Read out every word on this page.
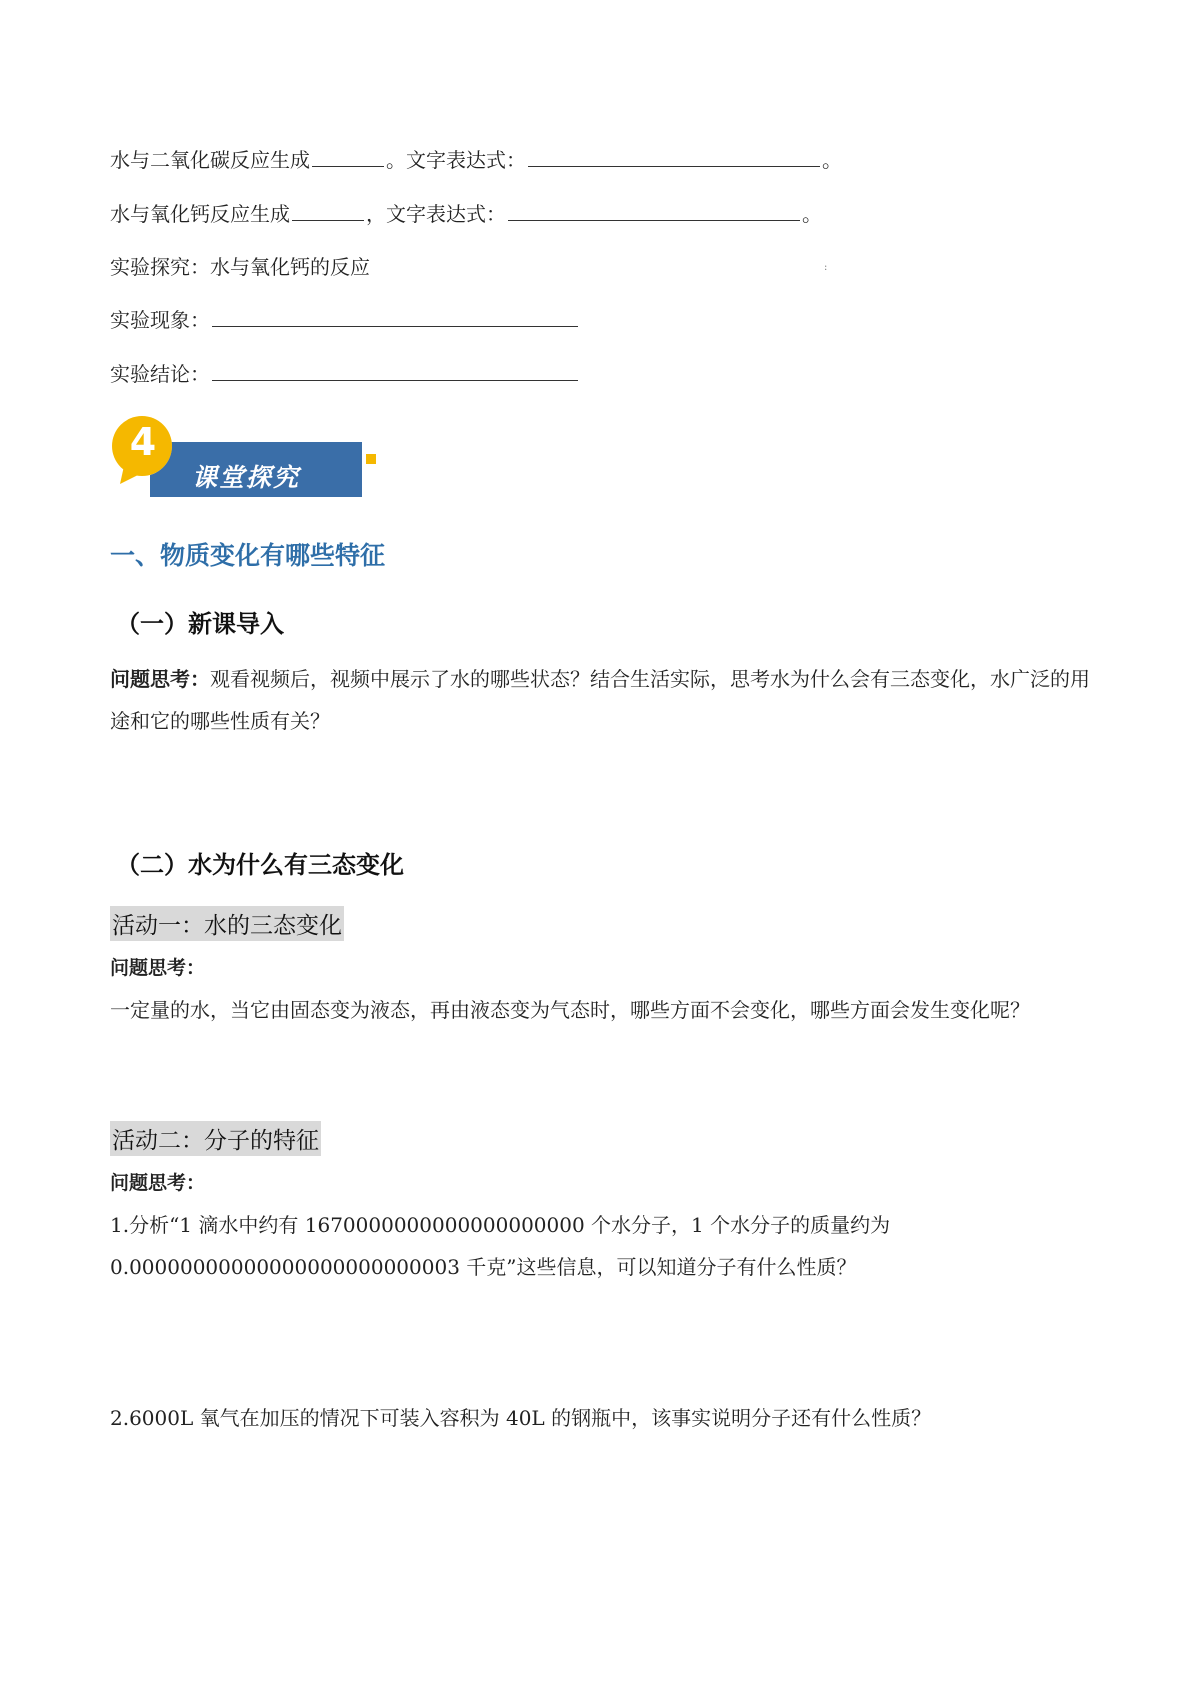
水与二氧化碳反应生成	。文字表达式：	。
水与氧化钙反应生成	，文字表达式：	。
实验探究：水与氧化钙的反应	:
实验现象：
实验结论：
4
课堂探究
一、物质变化有哪些特征
（一）新课导入
问题思考：观看视频后，视频中展示了水的哪些状态？结合生活实际，思考水为什么会有三态变化，水广泛的用途和它的哪些性质有关？
（二）水为什么有三态变化
活动一：水的三态变化
问题思考：
一定量的水，当它由固态变为液态，再由液态变为气态时，哪些方面不会变化，哪些方面会发生变化呢？
活动二：分子的特征
问题思考：
1.分析“1 滴水中约有 1670000000000000000000 个水分子，1 个水分子的质量约为
0.00000000000000000000000003 千克”这些信息，可以知道分子有什么性质？
2.6000L 氧气在加压的情况下可装入容积为 40L 的钢瓶中，该事实说明分子还有什么性质？
